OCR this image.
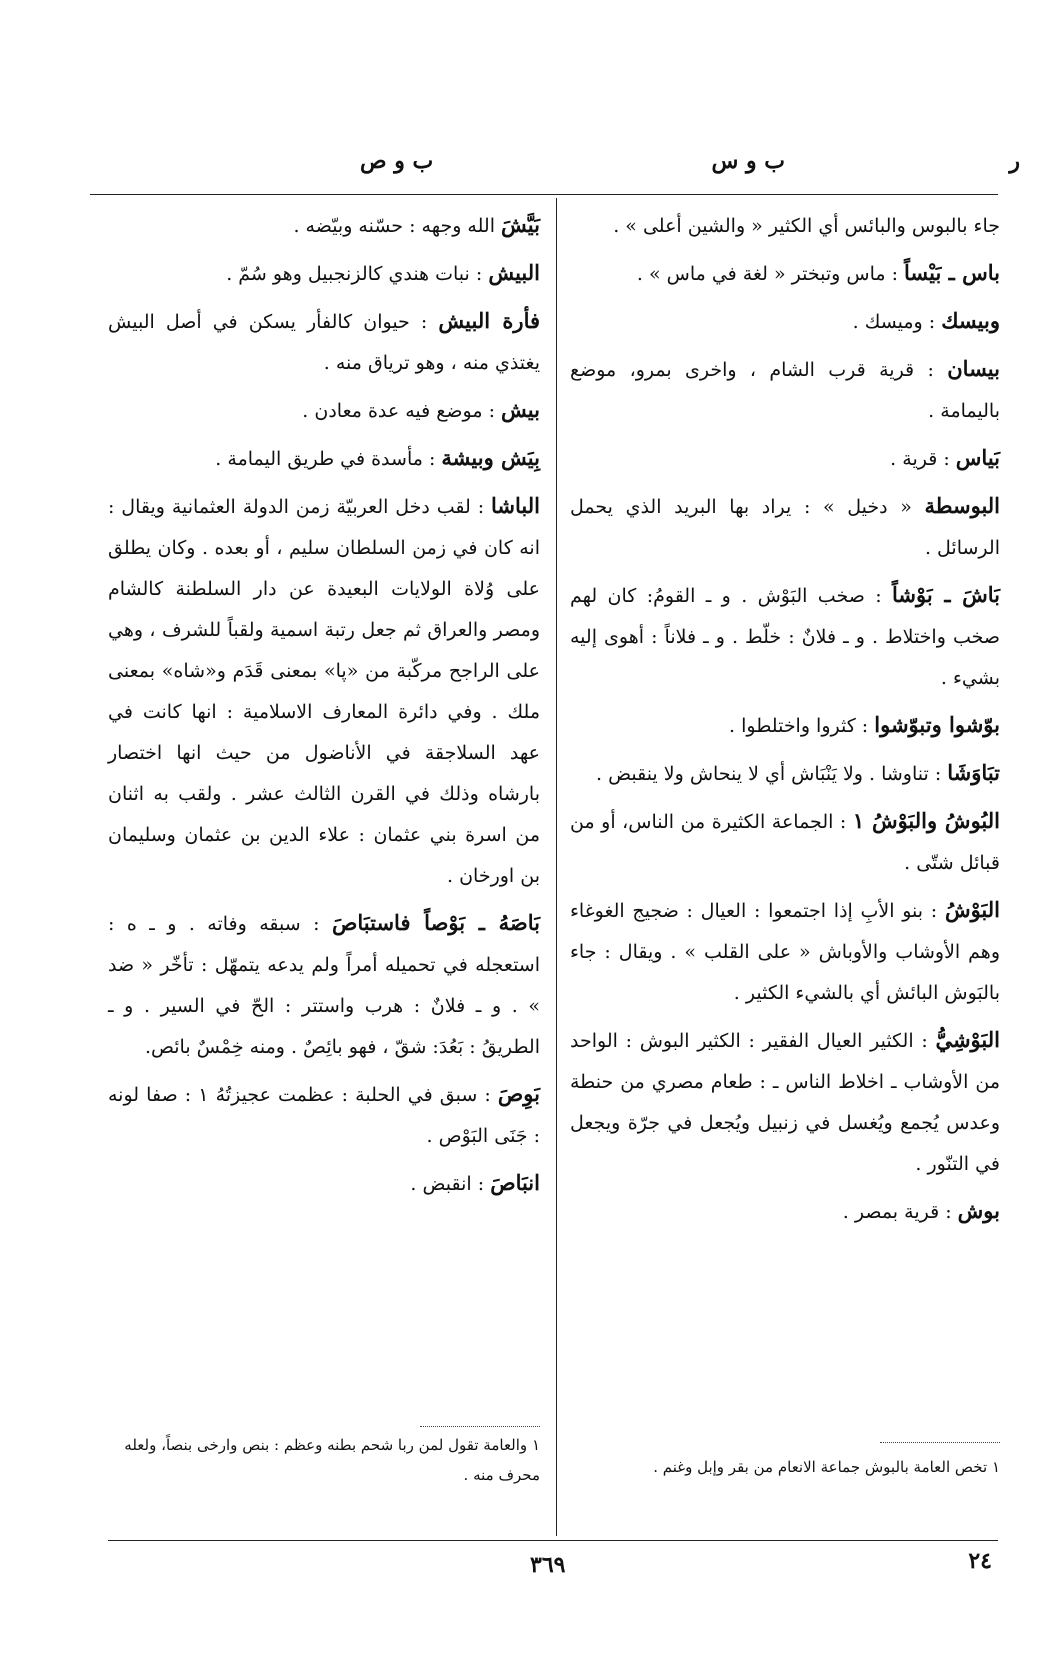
ب و س
ب و ص	ر

جاء بالبوس والبائس أي الكثير « والشين أعلى » .

باس ـ بَيْساً : ماس وتبختر « لغة في ماس » .

وبيسك : وميسك .

بيسان : قرية قرب الشام ، واخرى بمرو، موضع باليمامة .

بَياس : قرية .

البوسطة « دخيل » : يراد بها البريد الذي يحمل الرسائل .

بَاشَ ـ بَوْشاً : صخب البَوْش . و ـ القومُ: كان لهم صخب واختلاط . و ـ فلانٌ : خلّط . و ـ فلاناً : أهوى إليه بشيء .

بوّشوا وتبوّشوا : كثروا واختلطوا .

تبَاوَشَا : تناوشا . ولا يَنْبَاش أي لا ينحاش ولا ينقبض .

البُوشُ والبَوْشُ ١ : الجماعة الكثيرة من الناس، أو من قبائل شتّى .

البَوْشُ : بنو الأبِ إذا اجتمعوا : العيال : ضجيج الغوغاء وهم الأوشاب والأوباش « على القلب » . ويقال : جاء بالبَوش البائش أي بالشيء الكثير .

البَوْشِيُّ : الكثير العيال الفقير : الكثير البوش : الواحد من الأوشاب ـ اخلاط الناس ـ : طعام مصري من حنطة وعدس يُجمع ويُغسل في زنبيل ويُجعل في جرّة ويجعل في التنّور .

بوش : قرية بمصر .

بَيَّشَ الله وجهه : حسّنه وبيّضه .

البيش : نبات هندي كالزنجبيل وهو سُمّ .

فأرة البيش : حيوان كالفأر يسكن في أصل البيش يغتذي منه ، وهو ترياق منه .

بيش : موضع فيه عدة معادن .

بِيَش وبيشة : مأسدة في طريق اليمامة .

الباشا : لقب دخل العربيّة زمن الدولة العثمانية ويقال : انه كان في زمن السلطان سليم ، أو بعده . وكان يطلق على وُلاة الولايات البعيدة عن دار السلطنة كالشام ومصر والعراق ثم جعل رتبة اسمية ولقباً للشرف ، وهي على الراجح مركّبة من «پا» بمعنى قَدَم و«شاه» بمعنى ملك . وفي دائرة المعارف الاسلامية : انها كانت في عهد السلاجقة في الأناضول من حيث انها اختصار بارشاه وذلك في القرن الثالث عشر . ولقب به اثنان من اسرة بني عثمان : علاء الدين بن عثمان وسليمان بن اورخان .

بَاصَهُ ـ بَوْصاً فاستبَاصَ : سبقه وفاته . و ـ ه : استعجله في تحميله أمراً ولم يدعه يتمهّل : تأخّر « ضد » . و ـ فلانٌ : هرب واستتر : الحّ في السير . و ـ الطريقُ : بَعُدَ: شقّ ، فهو بائِصٌ . ومنه خِمْسٌ بائص.

بَوِصَ : سبق في الحلبة : عظمت عجيزتُهُ ١ : صفا لونه : جَنَى البَوْص .

انبَاصَ : انقبض .

١ تخص العامة بالبوش جماعة الانعام من بقر وإبل وغنم .
١ والعامة تقول لمن ربا شحم بطنه وعظم : بنص وارخى بنصاً، ولعله محرف منه .
٢٤
٣٦٩
